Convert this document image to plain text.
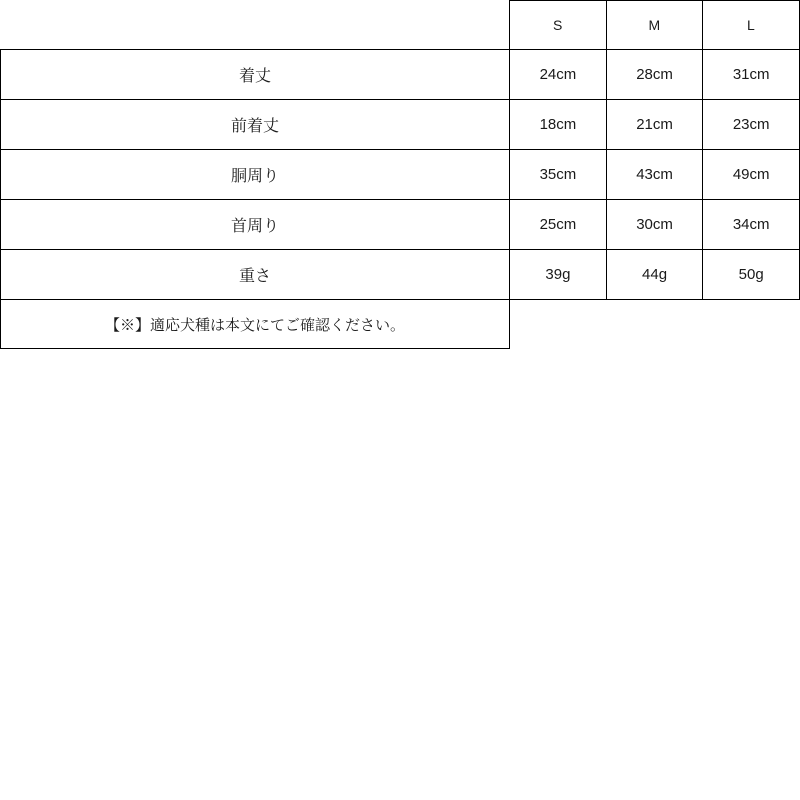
	S	M	L
着丈	24cm	28cm	31cm
前着丈	18cm	21cm	23cm
胴周り	35cm	43cm	49cm
首周り	25cm	30cm	34cm
重さ	39g	44g	50g
【※】適応犬種は本文にてご確認ください。			
